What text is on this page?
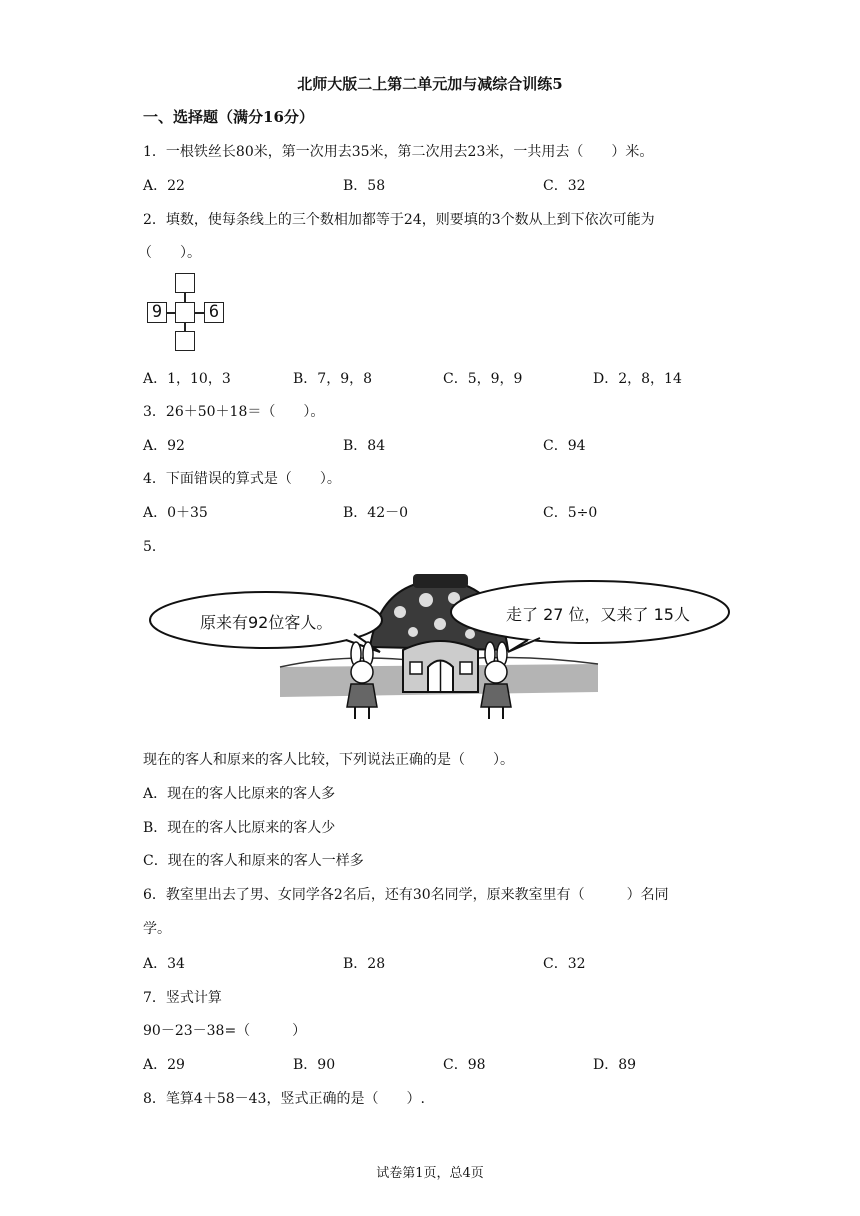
北师大版二上第二单元加与减综合训练5
一、选择题（满分16分）
1．一根铁丝长80米，第一次用去35米，第二次用去23米，一共用去（　　）米。
A．22	B．58	C．32
2．填数，使每条线上的三个数相加都等于24，则要填的3个数从上到下依次可能为
（　　）。
9	6
A．1，10，3	B．7，9，8	C．5，9，9	D．2，8，14
3．26＋50＋18＝（　　）。
A．92	B．84	C．94
4．下面错误的算式是（　　）。
A．0＋35	B．42－0	C．5÷0
5．
原来有92位客人。	走了 27 位，又来了 15人
现在的客人和原来的客人比较，下列说法正确的是（　　）。
A．现在的客人比原来的客人多
B．现在的客人比原来的客人少
C．现在的客人和原来的客人一样多
6．教室里出去了男、女同学各2名后，还有30名同学，原来教室里有（　　　）名同
学。
A．34	B．28	C．32
7．竖式计算
90－23－38=（　　　）
A．29	B．90	C．98	D．89
8．笔算4＋58－43，竖式正确的是（　　）.
试卷第1页，总4页
